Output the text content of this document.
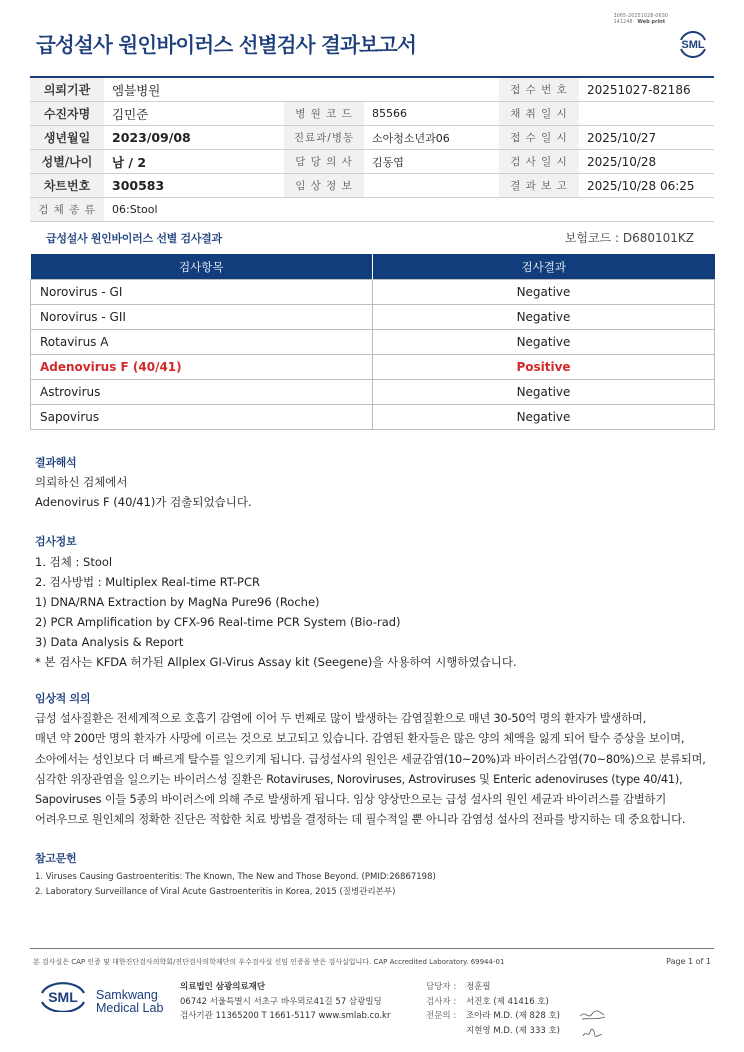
3065-20251028-0630
141248 Web print
급성설사 원인바이러스 선별검사 결과보고서	SML
의뢰기관	엠블병원			접 수 번 호	20251027-82186
수진자명	김민준	병 원 코 드	85566	채 취 일 시	
생년월일	2023/09/08	진료과/병동	소아청소년과06	접 수 일 시	2025/10/27
성별/나이	남 / 2	담 당 의 사	김동엽	검 사 일 시	2025/10/28
차트번호	300583	임 상 정 보		결 과 보 고	2025/10/28 06:25
검 체 종 류	06:Stool				
급성설사 원인바이러스 선별 검사결과	보험코드 : D680101KZ
검사항목	검사결과
Norovirus - GI	Negative
Norovirus - GII	Negative
Rotavirus A	Negative
Adenovirus F (40/41)	Positive
Astrovirus	Negative
Sapovirus	Negative
결과해석
의뢰하신 검체에서
Adenovirus F (40/41)가 검출되었습니다.
검사정보
1. 검체 : Stool
2. 검사방법 : Multiplex Real-time RT-PCR
1) DNA/RNA Extraction by MagNa Pure96 (Roche)
2) PCR Amplification by CFX-96 Real-time PCR System (Bio-rad)
3) Data Analysis & Report
* 본 검사는 KFDA 허가된 Allplex GI-Virus Assay kit (Seegene)을 사용하여 시행하였습니다.
임상적 의의
급성 설사질환은 전세계적으로 호흡기 감염에 이어 두 번째로 많이 발생하는 감염질환으로 매년 30-50억 명의 환자가 발생하며,
매년 약 200만 명의 환자가 사망에 이르는 것으로 보고되고 있습니다. 감염된 환자들은 많은 양의 체액을 잃게 되어 탈수 증상을 보이며,
소아에서는 성인보다 더 빠르게 탈수를 일으키게 됩니다. 급성설사의 원인은 세균감염(10~20%)과 바이러스감염(70~80%)으로 분류되며,
심각한 위장관염을 일으키는 바이러스성 질환은 Rotaviruses, Noroviruses, Astroviruses 및 Enteric adenoviruses (type 40/41),
Sapoviruses 이들 5종의 바이러스에 의해 주로 발생하게 됩니다. 임상 양상만으로는 급성 설사의 원인 세균과 바이러스를 감별하기
어려우므로 원인체의 정확한 진단은 적합한 치료 방법을 결정하는 데 필수적일 뿐 아니라 감염성 설사의 전파를 방지하는 데 중요합니다.
참고문헌
1. Viruses Causing Gastroenteritis: The Known, The New and Those Beyond. (PMID:26867198)
2. Laboratory Surveillance of Viral Acute Gastroenteritis in Korea, 2015 (질병관리본부)
본 검사실은 CAP 인증 및 대한진단검사의학회/진단검사의학재단의 우수검사실 신임 인증을 받은 검사실입니다. CAP Accredited Laboratory. 69944-01	Page 1 of 1
SML Samkwang
Medical Lab
의료법인 삼광의료재단
06742 서울특별시 서초구 바우뫼로41길 57 삼광빌딩
검사기관 11365200 T 1661-5117 www.smlab.co.kr
담당자 : 정훈필
검사자 : 서진호 (제 41416 호)
전문의 : 조아라 M.D. (제 828 호)
지현영 M.D. (제 333 호)
